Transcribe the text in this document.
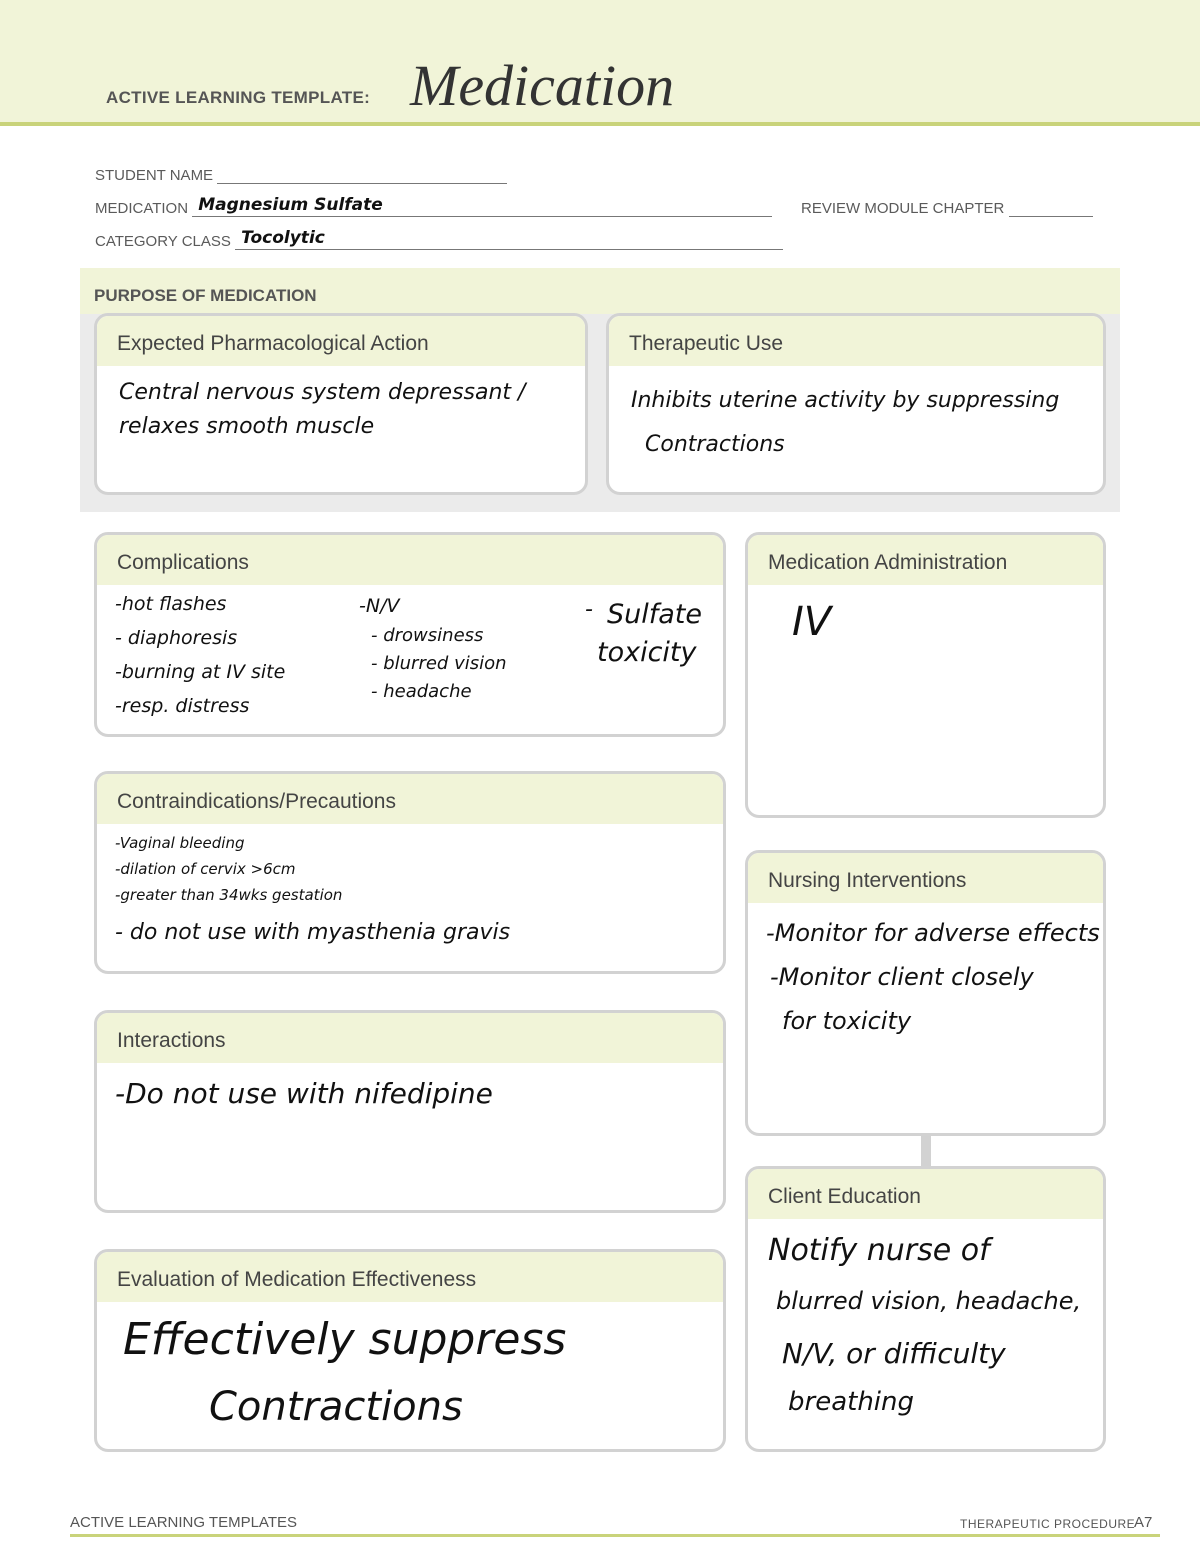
ACTIVE LEARNING TEMPLATE: Medication
STUDENT NAME
MEDICATION Magnesium Sulfate	REVIEW MODULE CHAPTER
CATEGORY CLASS Tocolytic
PURPOSE OF MEDICATION
Expected Pharmacological Action
Central nervous system depressant /
relaxes smooth muscle
Therapeutic Use
Inhibits uterine activity by suppressing
Contractions
Complications
-hot flashes
- diaphoresis
-burning at IV site
-resp. distress
-N/V
- drowsiness
- blurred vision
- headache
- Sulfate
toxicity
Medication Administration
IV
Contraindications/Precautions
-Vaginal bleeding
-dilation of cervix >6cm
-greater than 34wks gestation
- do not use with myasthenia gravis
Nursing Interventions
-Monitor for adverse effects
-Monitor client closely
for toxicity
Interactions
-Do not use with nifedipine
Client Education
Notify nurse of
blurred vision, headache,
N/V, or difficulty
breathing
Evaluation of Medication Effectiveness
Effectively suppress
Contractions
ACTIVE LEARNING TEMPLATES	THERAPEUTIC PROCEDURE
A7
